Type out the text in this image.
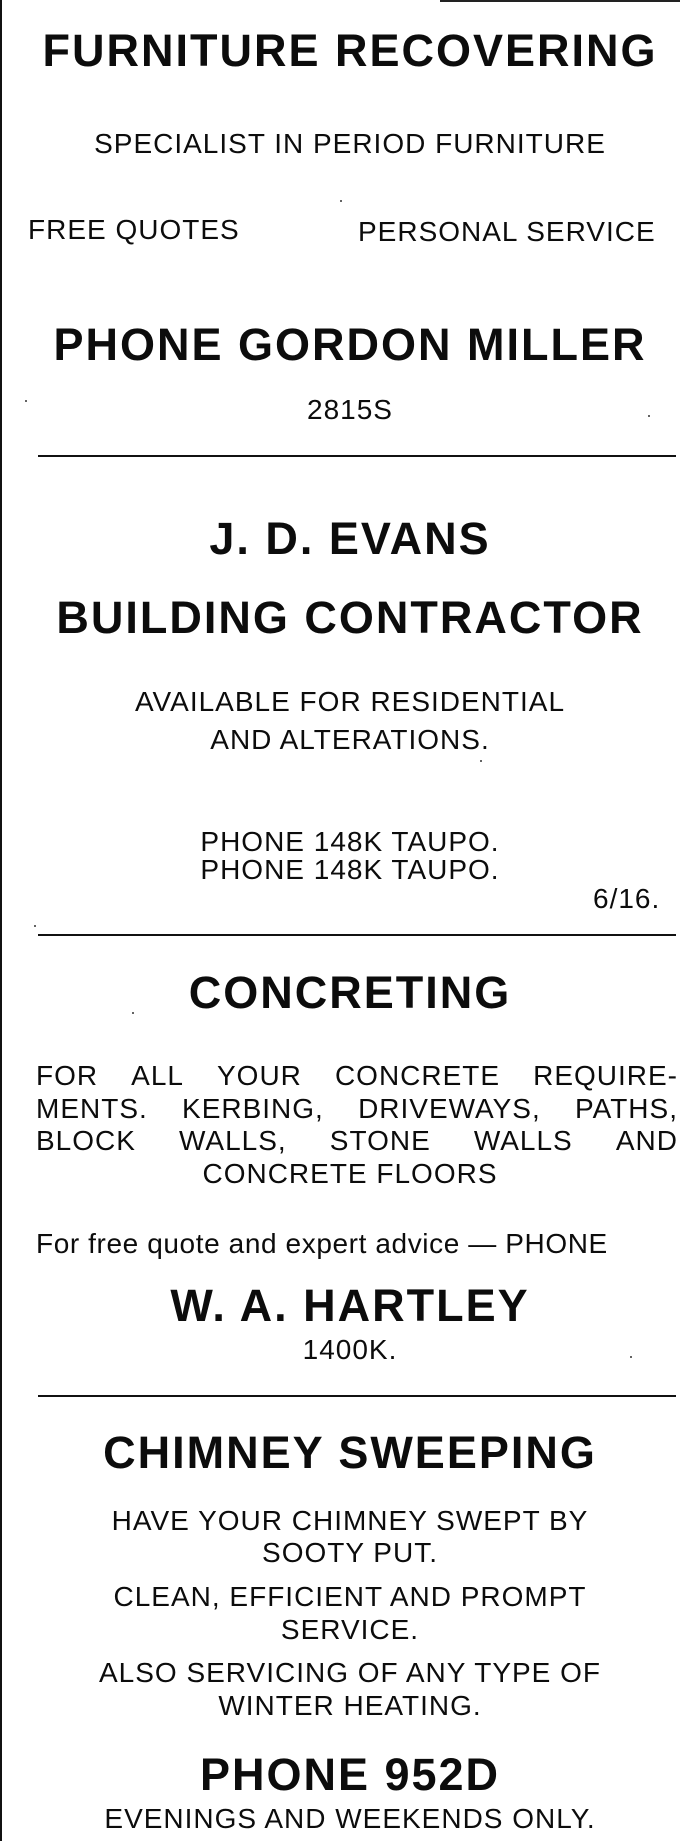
FURNITURE RECOVERING
SPECIALIST IN PERIOD FURNITURE
FREE QUOTES	PERSONAL SERVICE
PHONE GORDON MILLER
2815S
J. D. EVANS
BUILDING CONTRACTOR
AVAILABLE FOR RESIDENTIAL
AND ALTERATIONS.
PHONE 148K TAUPO.
PHONE 148K TAUPO.
6/16.
CONCRETING
FOR ALL YOUR CONCRETE REQUIRE-
MENTS. KERBING, DRIVEWAYS, PATHS,
BLOCK WALLS, STONE WALLS AND
CONCRETE FLOORS
For free quote and expert advice — PHONE
W. A. HARTLEY
1400K.
CHIMNEY SWEEPING
HAVE YOUR CHIMNEY SWEPT BY
SOOTY PUT.
CLEAN, EFFICIENT AND PROMPT
SERVICE.
ALSO SERVICING OF ANY TYPE OF
WINTER HEATING.
PHONE 952D
EVENINGS AND WEEKENDS ONLY.
